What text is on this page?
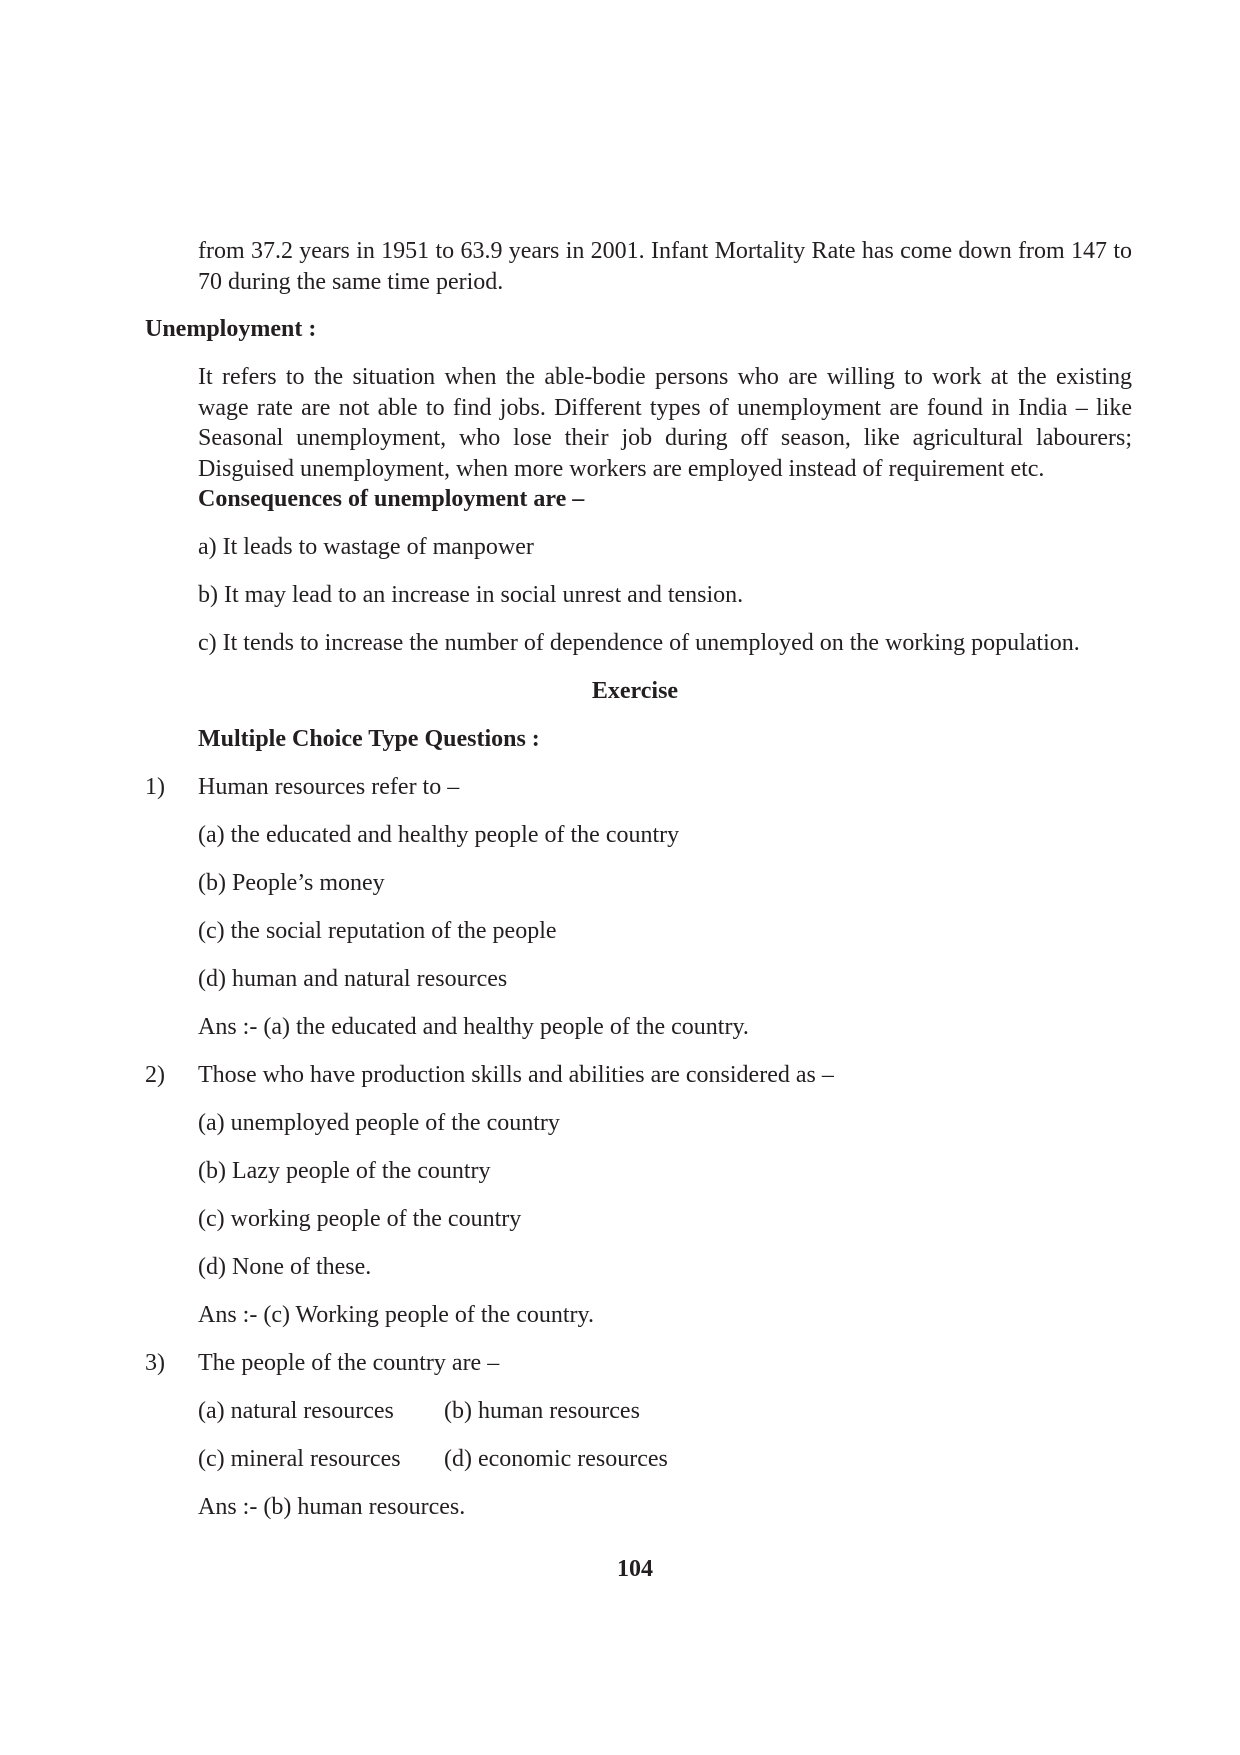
from 37.2 years in 1951 to 63.9 years in 2001. Infant Mortality Rate has come down from 147 to 70 during the same time period.
Unemployment :
It refers to the situation when the able-bodie persons who are willing to work at the existing wage rate are not able to find jobs. Different types of unemployment are found in India – like Seasonal unemployment, who lose their job during off season, like agricultural labourers; Disguised unemployment, when more workers are employed instead of requirement etc.
Consequences of unemployment are –
a) It leads to wastage of manpower
b) It may lead to an increase in social unrest and tension.
c) It tends to increase the number of dependence of unemployed on the working population.
Exercise
Multiple Choice Type Questions :
1) Human resources refer to –
(a) the educated and healthy people of the country
(b) People’s money
(c) the social reputation of the people
(d) human and natural resources
Ans :- (a) the educated and healthy people of the country.
2) Those who have production skills and abilities are considered as –
(a) unemployed people of the country
(b) Lazy people of the country
(c) working people of the country
(d) None of these.
Ans :- (c) Working people of the country.
3) The people of the country are –
(a) natural resources (b) human resources
(c) mineral resources (d) economic resources
Ans :- (b) human resources.
104
